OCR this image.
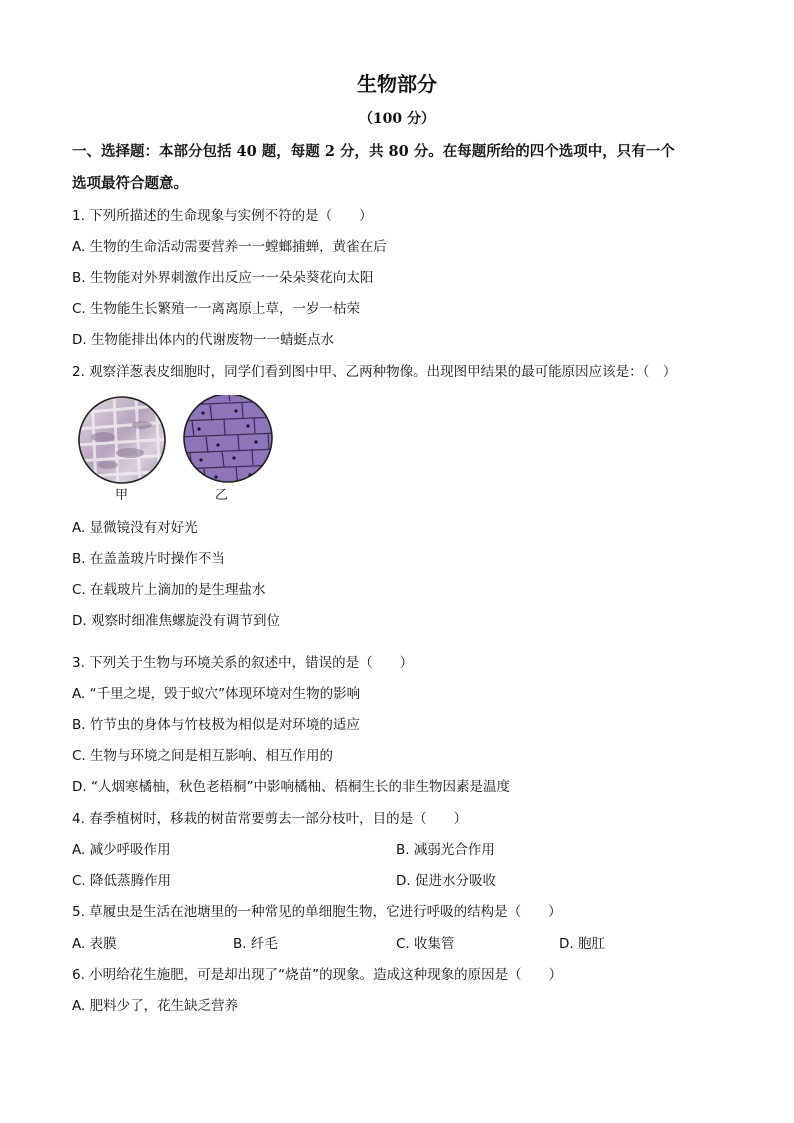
生物部分
（100 分）
一、选择题：本部分包括 40 题，每题 2 分，共 80 分。在每题所给的四个选项中，只有一个
选项最符合题意。
1. 下列所描述的生命现象与实例不符的是（　　）
A. 生物的生命活动需要营养一一螳螂捕蝉，黄雀在后
B. 生物能对外界刺激作出反应一一朵朵葵花向太阳
C. 生物能生长繁殖一一离离原上草，一岁一枯荣
D. 生物能排出体内的代谢废物一一蜻蜓点水
2. 观察洋葱表皮细胞时，同学们看到图中甲、乙两种物像。出现图甲结果的最可能原因应该是：（　）
甲	乙
A. 显微镜没有对好光
B. 在盖盖玻片时操作不当
C. 在载玻片上滴加的是生理盐水
D. 观察时细准焦螺旋没有调节到位
3. 下列关于生物与环境关系的叙述中，错误的是（　　）
A. “千里之堤，毁于蚁穴”体现环境对生物的影响
B. 竹节虫的身体与竹枝极为相似是对环境的适应
C. 生物与环境之间是相互影响、相互作用的
D. “人烟寒橘柚，秋色老梧桐”中影响橘柚、梧桐生长的非生物因素是温度
4. 春季植树时，移栽的树苗常要剪去一部分枝叶，目的是（　　）
A. 减少呼吸作用	B. 减弱光合作用
C. 降低蒸腾作用	D. 促进水分吸收
5. 草履虫是生活在池塘里的一种常见的单细胞生物，它进行呼吸的结构是（　　）
A. 表膜	B. 纤毛	C. 收集管	D. 胞肛
6. 小明给花生施肥，可是却出现了“烧苗”的现象。造成这种现象的原因是（　　）
A. 肥料少了，花生缺乏营养
